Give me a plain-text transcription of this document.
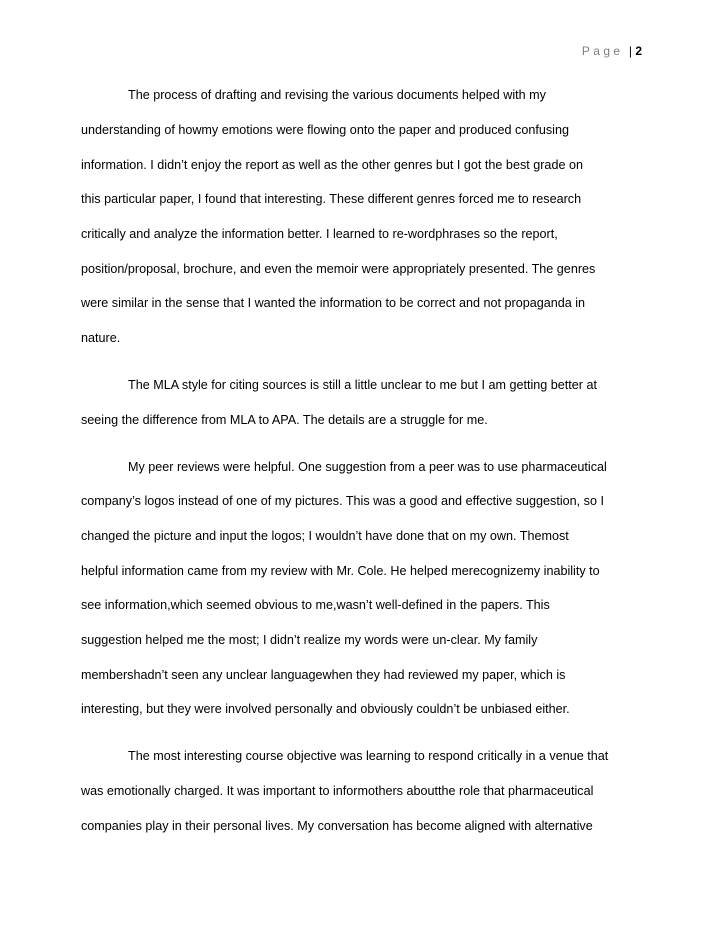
Page | 2
The process of drafting and revising the various documents helped with my
understanding of howmy emotions were flowing onto the paper and produced confusing
information. I didn’t enjoy the report as well as the other genres but I got the best grade on
this particular paper, I found that interesting. These different genres forced me to research
critically and analyze the information better. I learned to re-wordphrases so the report,
position/proposal, brochure, and even the memoir were appropriately presented. The genres
were similar in the sense that I wanted the information to be correct and not propaganda in
nature.
The MLA style for citing sources is still a little unclear to me but I am getting better at
seeing the difference from MLA to APA. The details are a struggle for me.
My peer reviews were helpful. One suggestion from a peer was to use pharmaceutical
company’s logos instead of one of my pictures. This was a good and effective suggestion, so I
changed the picture and input the logos; I wouldn’t have done that on my own. Themost
helpful information came from my review with Mr. Cole. He helped merecognizemy inability to
see information,which seemed obvious to me,wasn’t well-defined in the papers. This
suggestion helped me the most; I didn’t realize my words were un-clear. My family
membershadn’t seen any unclear languagewhen they had reviewed my paper, which is
interesting, but they were involved personally and obviously couldn’t be unbiased either.
The most interesting course objective was learning to respond critically in a venue that
was emotionally charged. It was important to informothers aboutthe role that pharmaceutical
companies play in their personal lives. My conversation has become aligned with alternative
